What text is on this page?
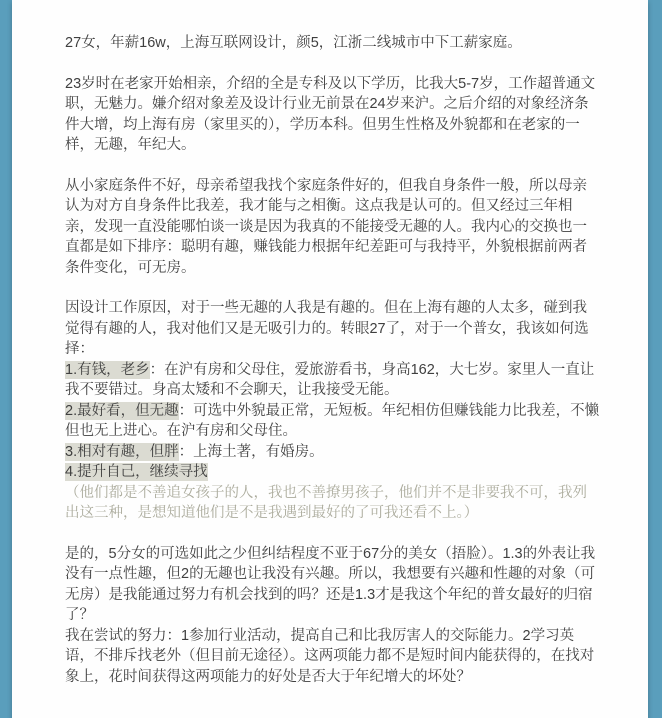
27女，年薪16w，上海互联网设计，颜5，江浙二线城市中下工薪家庭。

23岁时在老家开始相亲，介绍的全是专科及以下学历，比我大5-7岁，工作超普通文职，无魅力。嫌介绍对象差及设计行业无前景在24岁来沪。之后介绍的对象经济条件大增，均上海有房（家里买的），学历本科。但男生性格及外貌都和在老家的一样，无趣，年纪大。

从小家庭条件不好，母亲希望我找个家庭条件好的，但我自身条件一般，所以母亲认为对方自身条件比我差，我才能与之相衡。这点我是认可的。但又经过三年相亲，发现一直没能哪怕谈一谈是因为我真的不能接受无趣的人。我内心的交换也一直都是如下排序：聪明有趣，赚钱能力根据年纪差距可与我持平，外貌根据前两者条件变化，可无房。

因设计工作原因，对于一些无趣的人我是有趣的。但在上海有趣的人太多，碰到我觉得有趣的人，我对他们又是无吸引力的。转眼27了，对于一个普女，我该如何选择：
1.有钱，老乡：在沪有房和父母住，爱旅游看书，身高162，大七岁。家里人一直让我不要错过。身高太矮和不会聊天，让我接受无能。
2.最好看，但无趣：可选中外貌最正常，无短板。年纪相仿但赚钱能力比我差，不懒但也无上进心。在沪有房和父母住。
3.相对有趣，但胖：上海土著，有婚房。
4.提升自己，继续寻找
（他们都是不善追女孩子的人，我也不善撩男孩子，他们并不是非要我不可，我列出这三种，是想知道他们是不是我遇到最好的了可我还看不上。）
是的，5分女的可选如此之少但纠结程度不亚于67分的美女（捂脸）。1.3的外表让我没有一点性趣，但2的无趣也让我没有兴趣。所以，我想要有兴趣和性趣的对象（可无房）是我能通过努力有机会找到的吗？还是1.3才是我这个年纪的普女最好的归宿了？
我在尝试的努力：1参加行业活动，提高自己和比我厉害人的交际能力。2学习英语，不排斥找老外（但目前无途径）。这两项能力都不是短时间内能获得的，在找对象上，花时间获得这两项能力的好处是否大于年纪增大的坏处？
